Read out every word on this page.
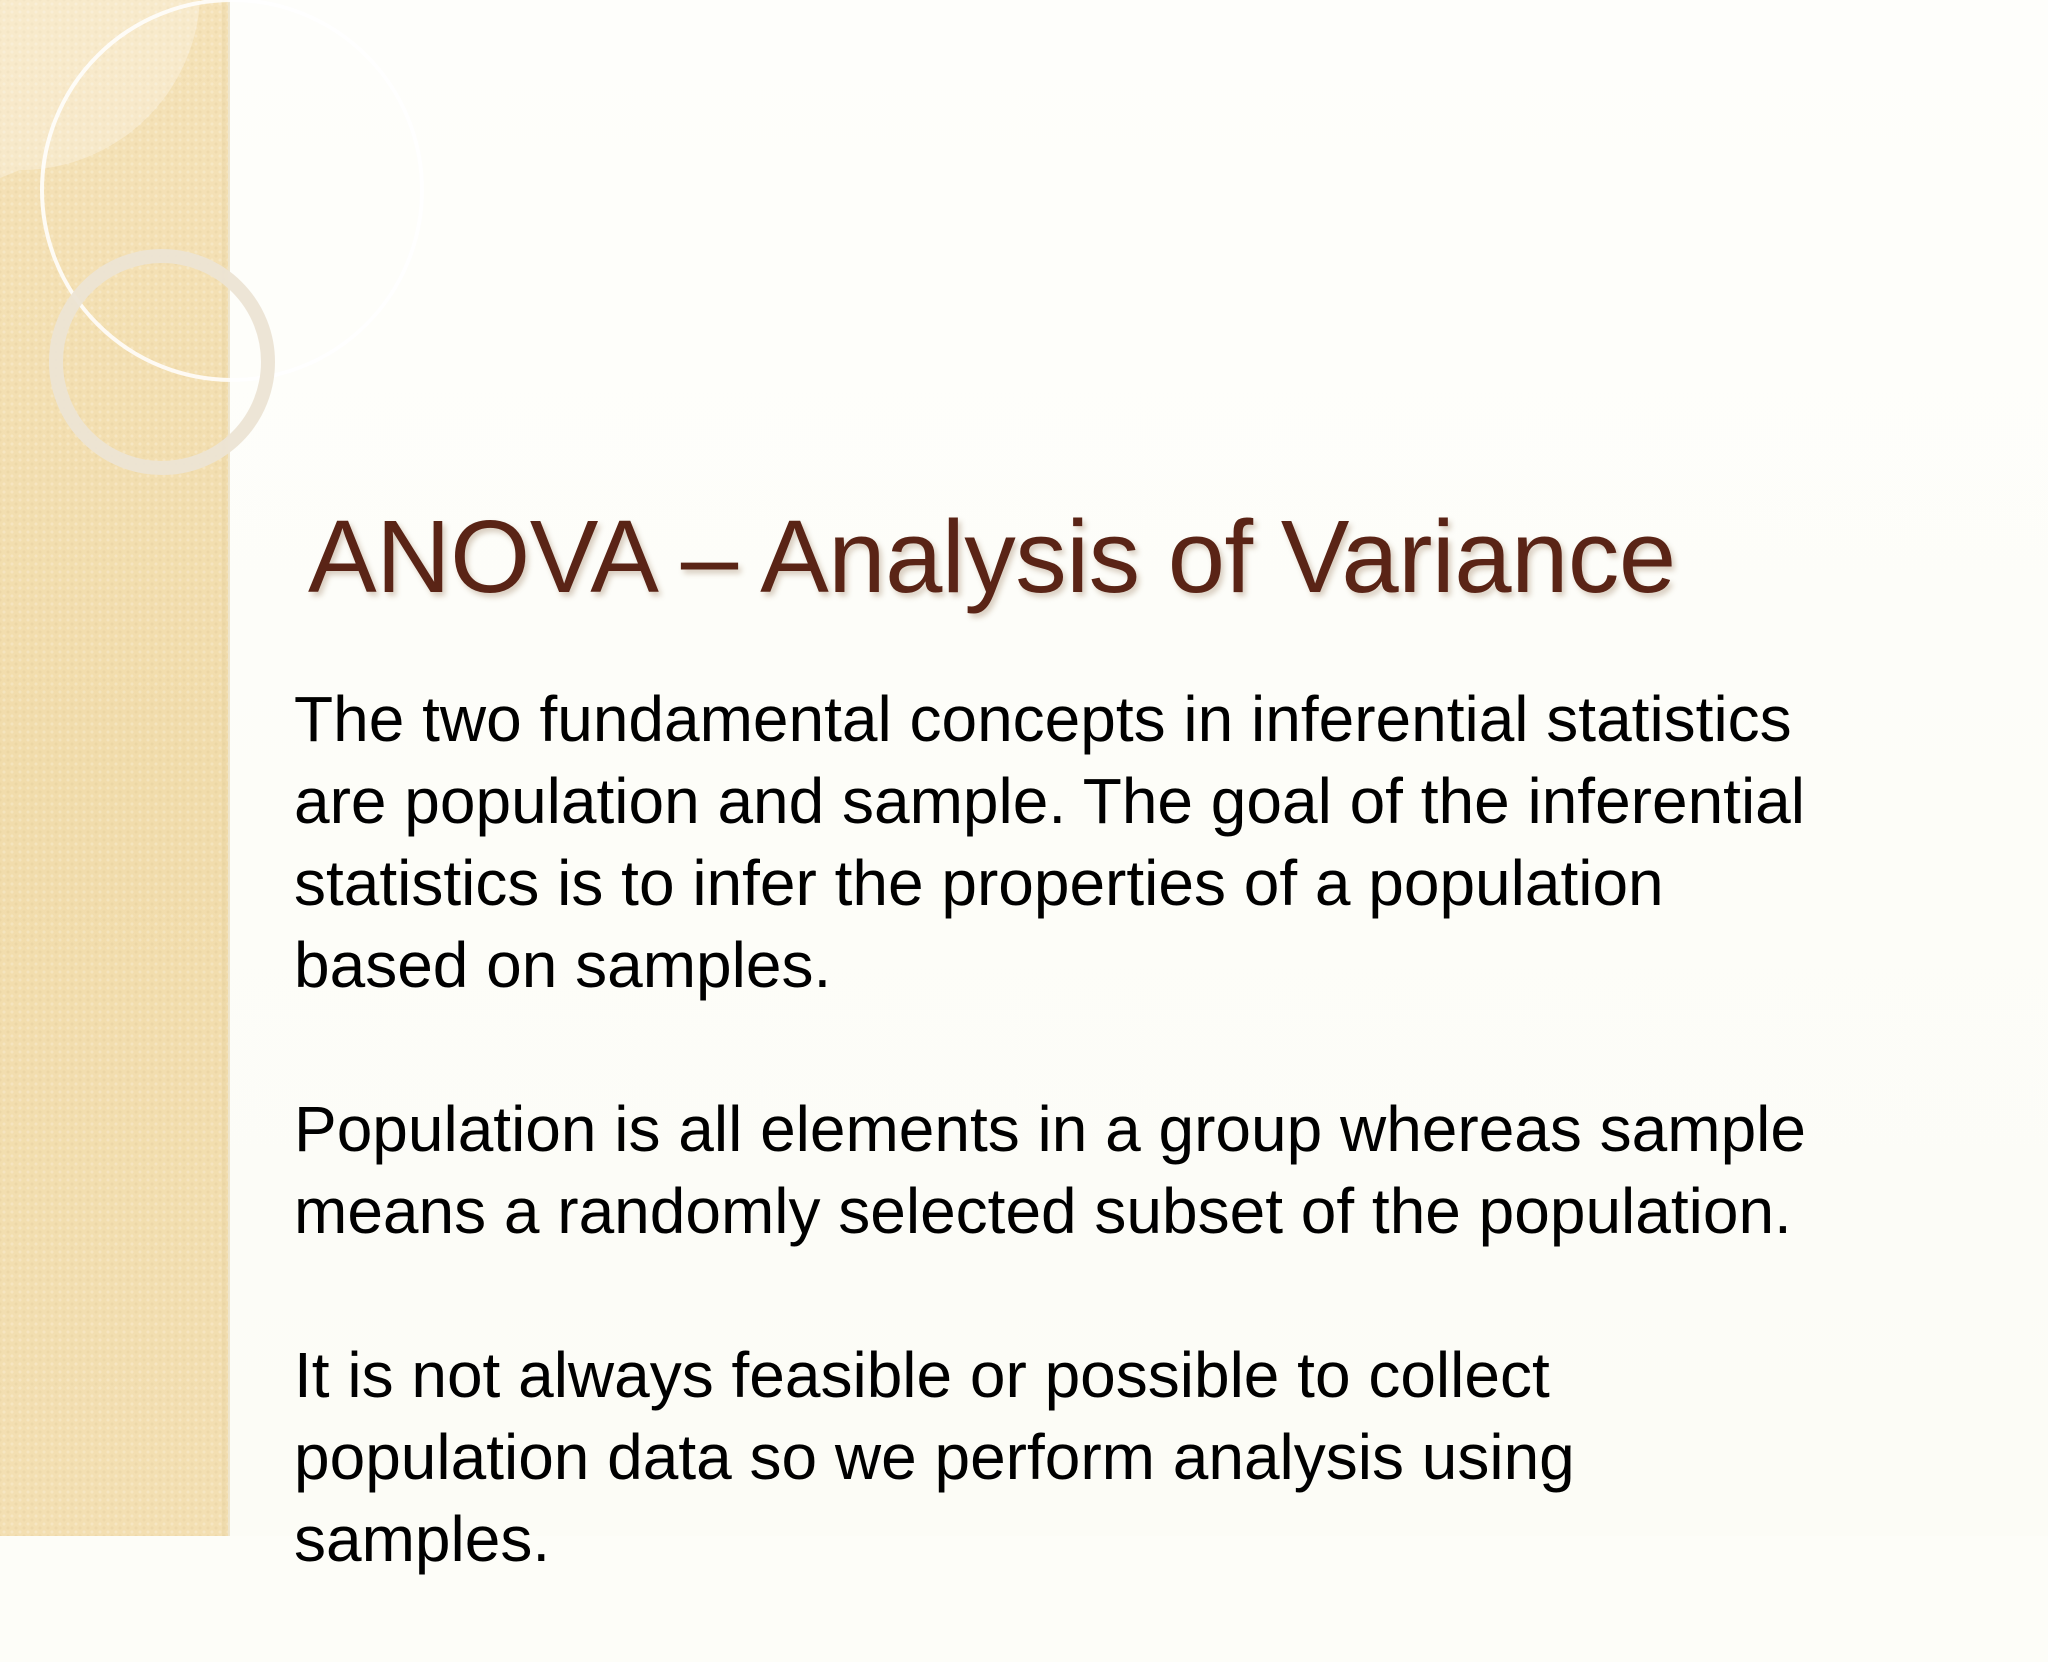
ANOVA – Analysis of Variance

The two fundamental concepts in inferential statistics
are population and sample. The goal of the inferential
statistics is to infer the properties of a population
based on samples.

Population is all elements in a group whereas sample
means a randomly selected subset of the population.

It is not always feasible or possible to collect
population data so we perform analysis using
samples.
